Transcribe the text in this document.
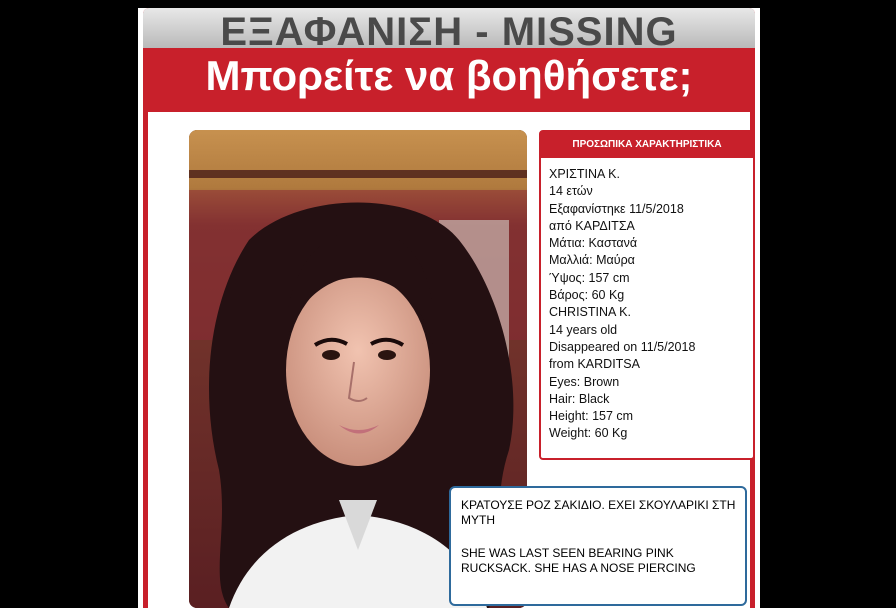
ΕΞΑΦΑΝΙΣΗ - MISSING
Μπορείτε να βοηθήσετε;
ΠΡΟΣΩΠΙΚΑ ΧΑΡΑΚΤΗΡΙΣΤΙΚΑ
ΧΡΙΣΤΙΝΑ Κ.
14 ετών
Εξαφανίστηκε 11/5/2018
από ΚΑΡΔΙΤΣΑ
Μάτια: Καστανά
Μαλλιά: Μαύρα
Ύψος: 157 cm
Βάρος: 60 Kg
CHRISTINA K.
14 years old
Disappeared on 11/5/2018
from KARDITSA
Eyes: Brown
Hair: Black
Height: 157 cm
Weight: 60 Kg

ΚΡΑΤΟΥΣΕ ΡΟΖ ΣΑΚΙΔΙΟ. ΕΧΕΙ ΣΚΟΥΛΑΡΙΚΙ ΣΤΗ ΜΥΤΗ

SHE WAS LAST SEEN BEARING PINK RUCKSACK. SHE HAS A NOSE PIERCING
